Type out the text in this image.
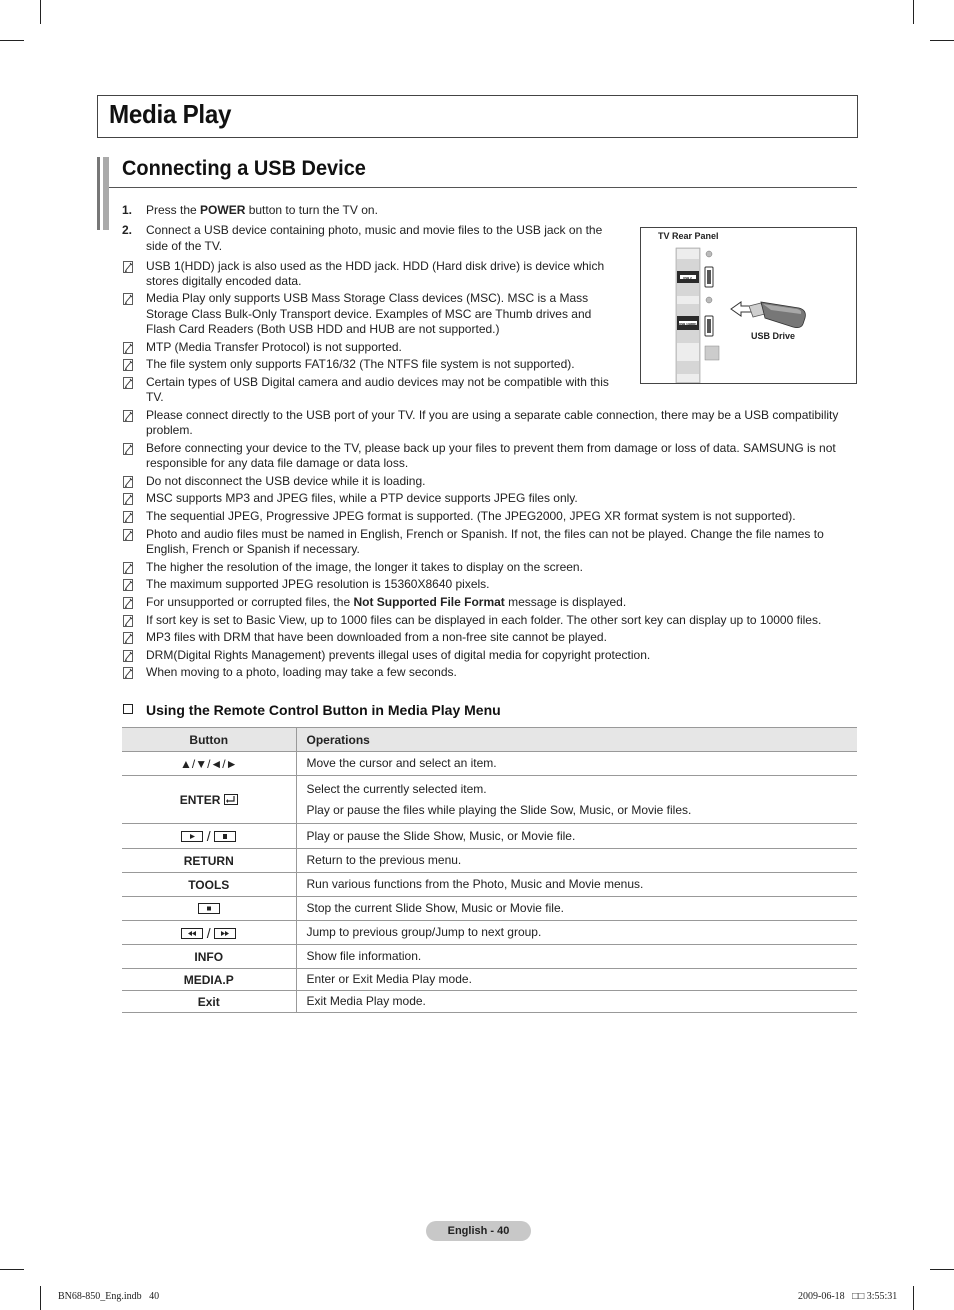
Media Play
Connecting a USB Device
1. Press the POWER button to turn the TV on.
2. Connect a USB device containing photo, music and movie files to the USB jack on the
side of the TV.
USB 1(HDD) jack is also used as the HDD jack. HDD (Hard disk drive) is device which
stores digitally encoded data.
Media Play only supports USB Mass Storage Class devices (MSC). MSC is a Mass
Storage Class Bulk-Only Transport device. Examples of MSC are Thumb drives and
Flash Card Readers (Both USB HDD and HUB are not supported.)
MTP (Media Transfer Protocol) is not supported.
The file system only supports FAT16/32 (The NTFS file system is not supported).
Certain types of USB Digital camera and audio devices may not be compatible with this
TV.
Please connect directly to the USB port of your TV. If you are using a separate cable connection, there may be a USB compatibility
problem.
Before connecting your device to the TV, please back up your files to prevent them from damage or loss of data. SAMSUNG is not
responsible for any data file damage or data loss.
Do not disconnect the USB device while it is loading.
MSC supports MP3 and JPEG files, while a PTP device supports JPEG files only.
The sequential JPEG, Progressive JPEG format is supported. (The JPEG2000, JPEG XR format system is not supported).
Photo and audio files must be named in English, French or Spanish. If not, the files can not be played. Change the file names to
English, French or Spanish if necessary.
The higher the resolution of the image, the longer it takes to display on the screen.
The maximum supported JPEG resolution is 15360X8640 pixels.
For unsupported or corrupted files, the Not Supported File Format message is displayed.
If sort key is set to Basic View, up to 1000 files can be displayed in each folder. The other sort key can display up to 10000 files.
MP3 files with DRM that have been downloaded from a non-free site cannot be played.
DRM(Digital Rights Management) prevents illegal uses of digital media for copyright protection.
When moving to a photo, loading may take a few seconds.
TV Rear Panel
USB Drive
USB 2
USB 1(HDD)
Using the Remote Control Button in Media Play Menu
Button	Operations
▲/▼/◄/►	Move the cursor and select an item.
ENTER	Select the currently selected item.
Play or pause the files while playing the Slide Sow, Music, or Movie files.

/	Play or pause the Slide Show, Music, or Movie file.
RETURN	Return to the previous menu.
TOOLS	Run various functions from the Photo, Music and Movie menus.
	Stop the current Slide Show, Music or Movie file.
/	Jump to previous group/Jump to next group.
INFO	Show file information.
MEDIA.P	Enter or Exit Media Play mode.
Exit	Exit Media Play mode.
English - 40
BN68-850_Eng.indb   40	2009-06-18   □□ 3:55:31
